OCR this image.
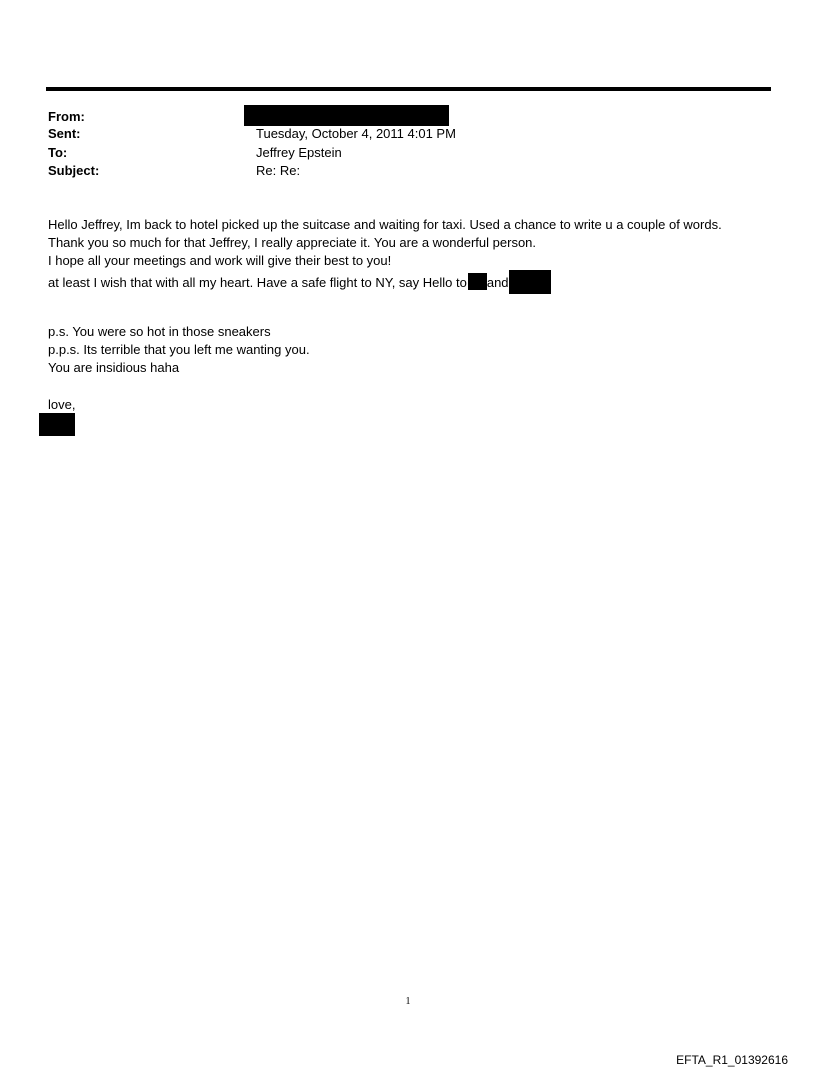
From:
Sent:	Tuesday, October 4, 2011 4:01 PM
To:	Jeffrey Epstein
Subject:	Re: Re:
Hello Jeffrey, Im back to hotel picked up the suitcase and waiting for taxi. Used a chance to write u a couple of words.
Thank you so much for that Jeffrey, I really appreciate it. You are a wonderful person.
I hope all your meetings and work will give their best to you!
at least I wish that with all my heart. Have a safe flight to NY, say Hello to and
p.s. You were so hot in those sneakers
p.p.s. Its terrible that you left me wanting you.
You are insidious haha
love,
1
EFTA_R1_01392616
